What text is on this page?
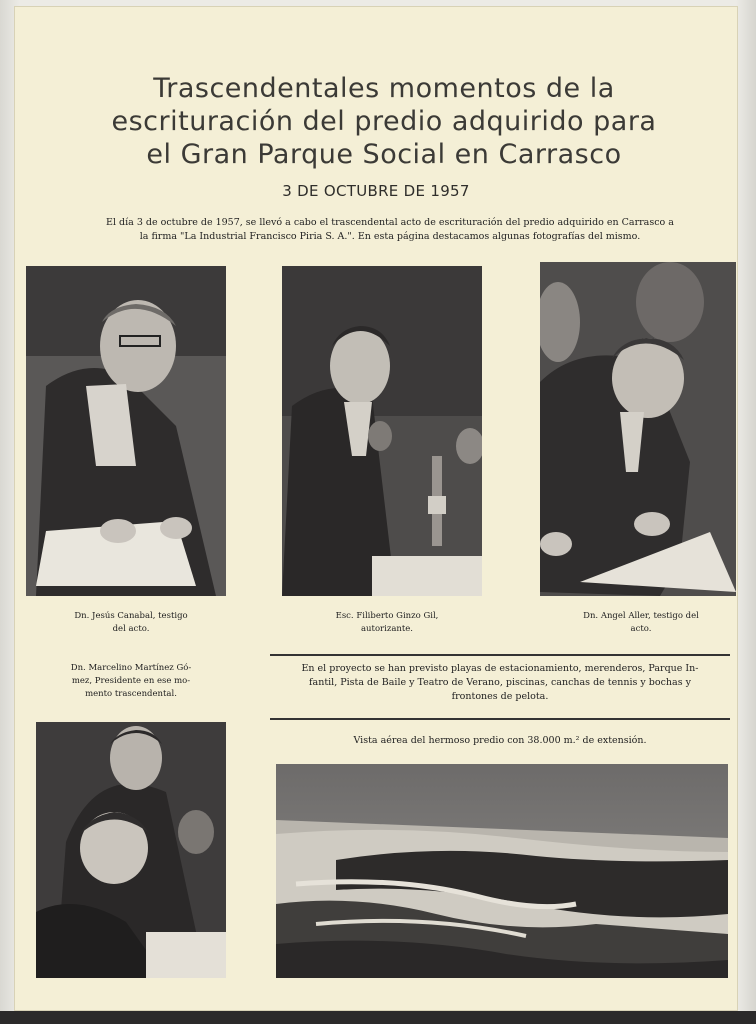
Trascendentales momentos de la
escrituración del predio adquirido para
el Gran Parque Social en Carrasco
3 DE OCTUBRE DE 1957
El día 3 de octubre de 1957, se llevó a cabo el trascendental acto de escrituración del predio adquirido en Carrasco a
la firma "La Industrial Francisco Piria S. A.". En esta página destacamos algunas fotografías del mismo.
Dn. Jesús Canabal, testigo
del acto.
Esc. Filiberto Ginzo Gil,
autorizante.
Dn. Angel Aller, testigo del
acto.
Dn. Marcelino Martínez Gó-
mez, Presidente en ese mo-
mento trascendental.
En el proyecto se han previsto playas de estacionamiento, merenderos, Parque In-
fantil, Pista de Baile y Teatro de Verano, piscinas, canchas de tennis y bochas y
frontones de pelota.
Vista aérea del hermoso predio con 38.000 m.² de extensión.
